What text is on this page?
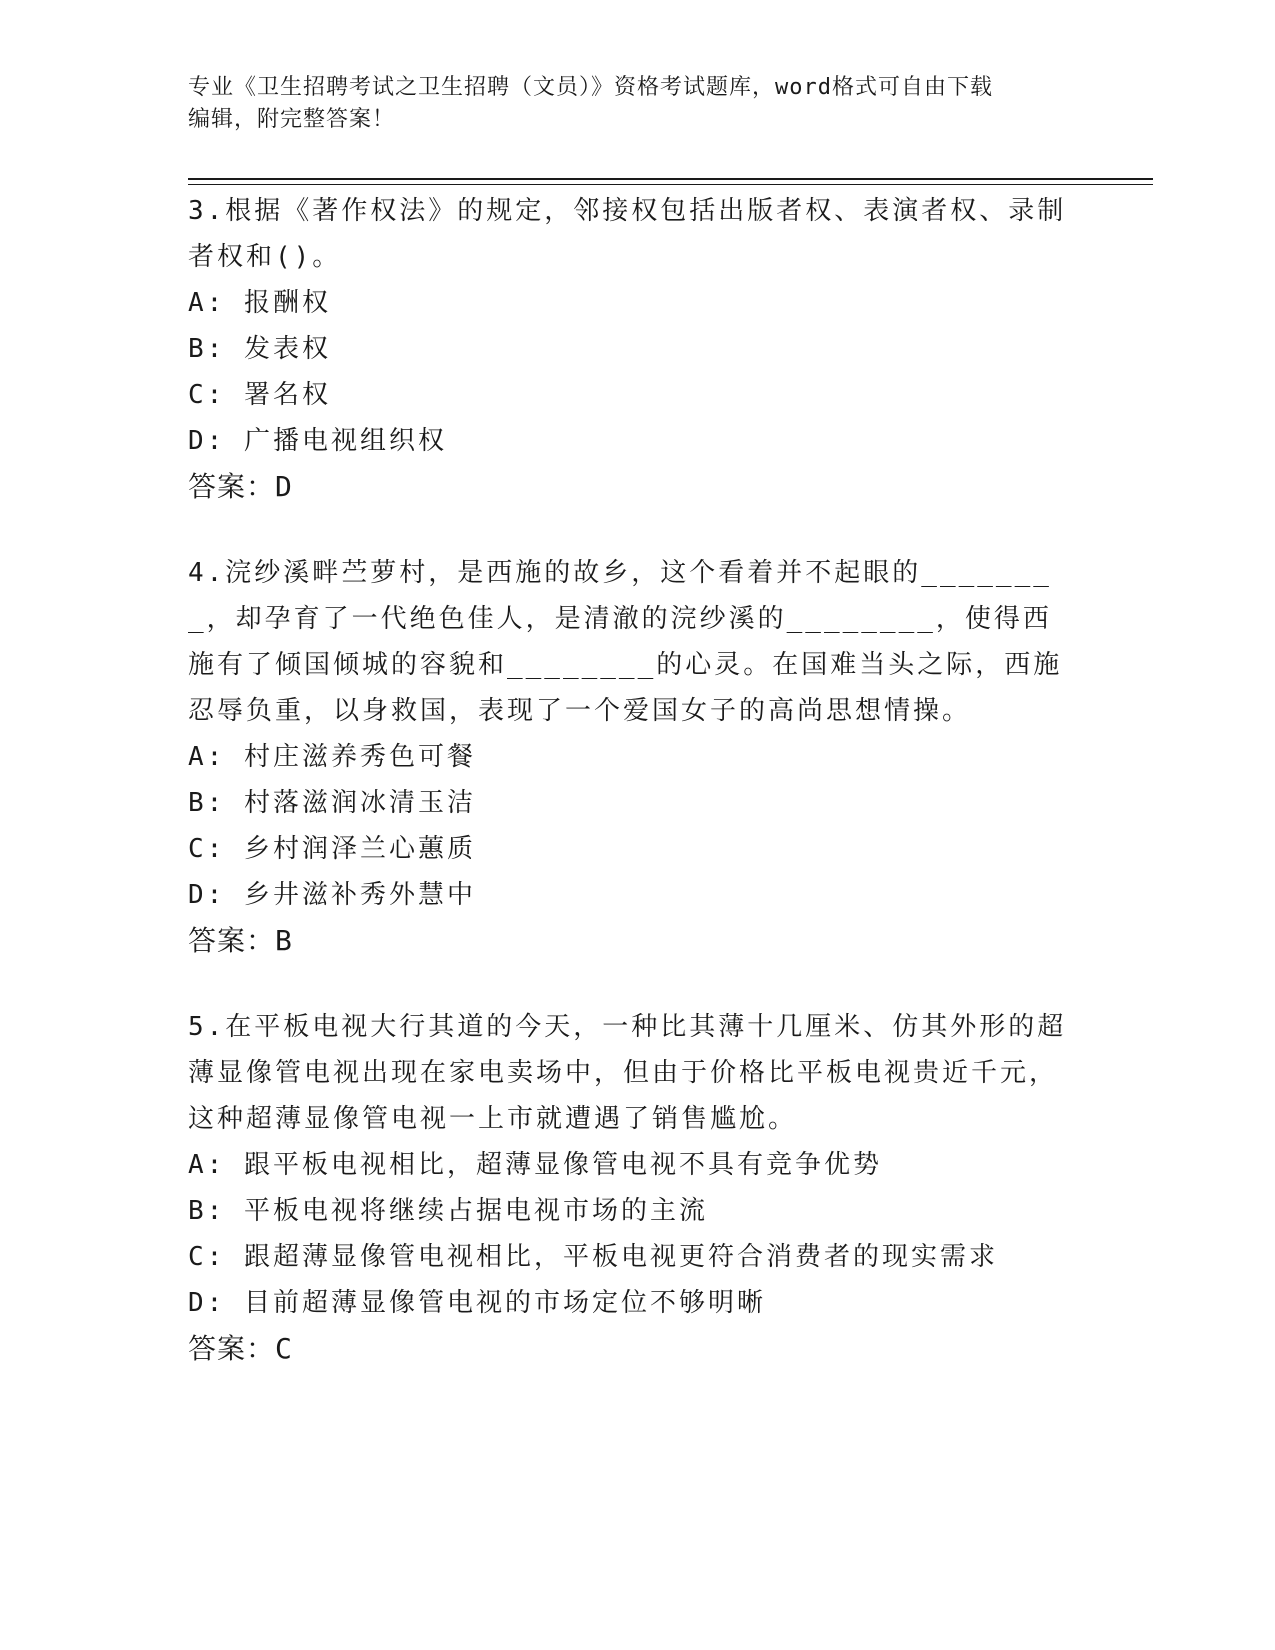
专业《卫生招聘考试之卫生招聘（文员）》资格考试题库，word格式可自由下载
编辑，附完整答案！
3.根据《著作权法》的规定，邻接权包括出版者权、表演者权、录制者权和()。
A: 报酬权
B: 发表权
C: 署名权
D: 广播电视组织权
答案：D
4.浣纱溪畔苎萝村，是西施的故乡，这个看着并不起眼的________，却孕育了一代绝色佳人，是清澈的浣纱溪的________，使得西施有了倾国倾城的容貌和________的心灵。在国难当头之际，西施忍辱负重，以身救国，表现了一个爱国女子的高尚思想情操。
A: 村庄滋养秀色可餐
B: 村落滋润冰清玉洁
C: 乡村润泽兰心蕙质
D: 乡井滋补秀外慧中
答案：B
5.在平板电视大行其道的今天，一种比其薄十几厘米、仿其外形的超薄显像管电视出现在家电卖场中，但由于价格比平板电视贵近千元，这种超薄显像管电视一上市就遭遇了销售尴尬。
A: 跟平板电视相比，超薄显像管电视不具有竞争优势
B: 平板电视将继续占据电视市场的主流
C: 跟超薄显像管电视相比，平板电视更符合消费者的现实需求
D: 目前超薄显像管电视的市场定位不够明晰
答案：C
